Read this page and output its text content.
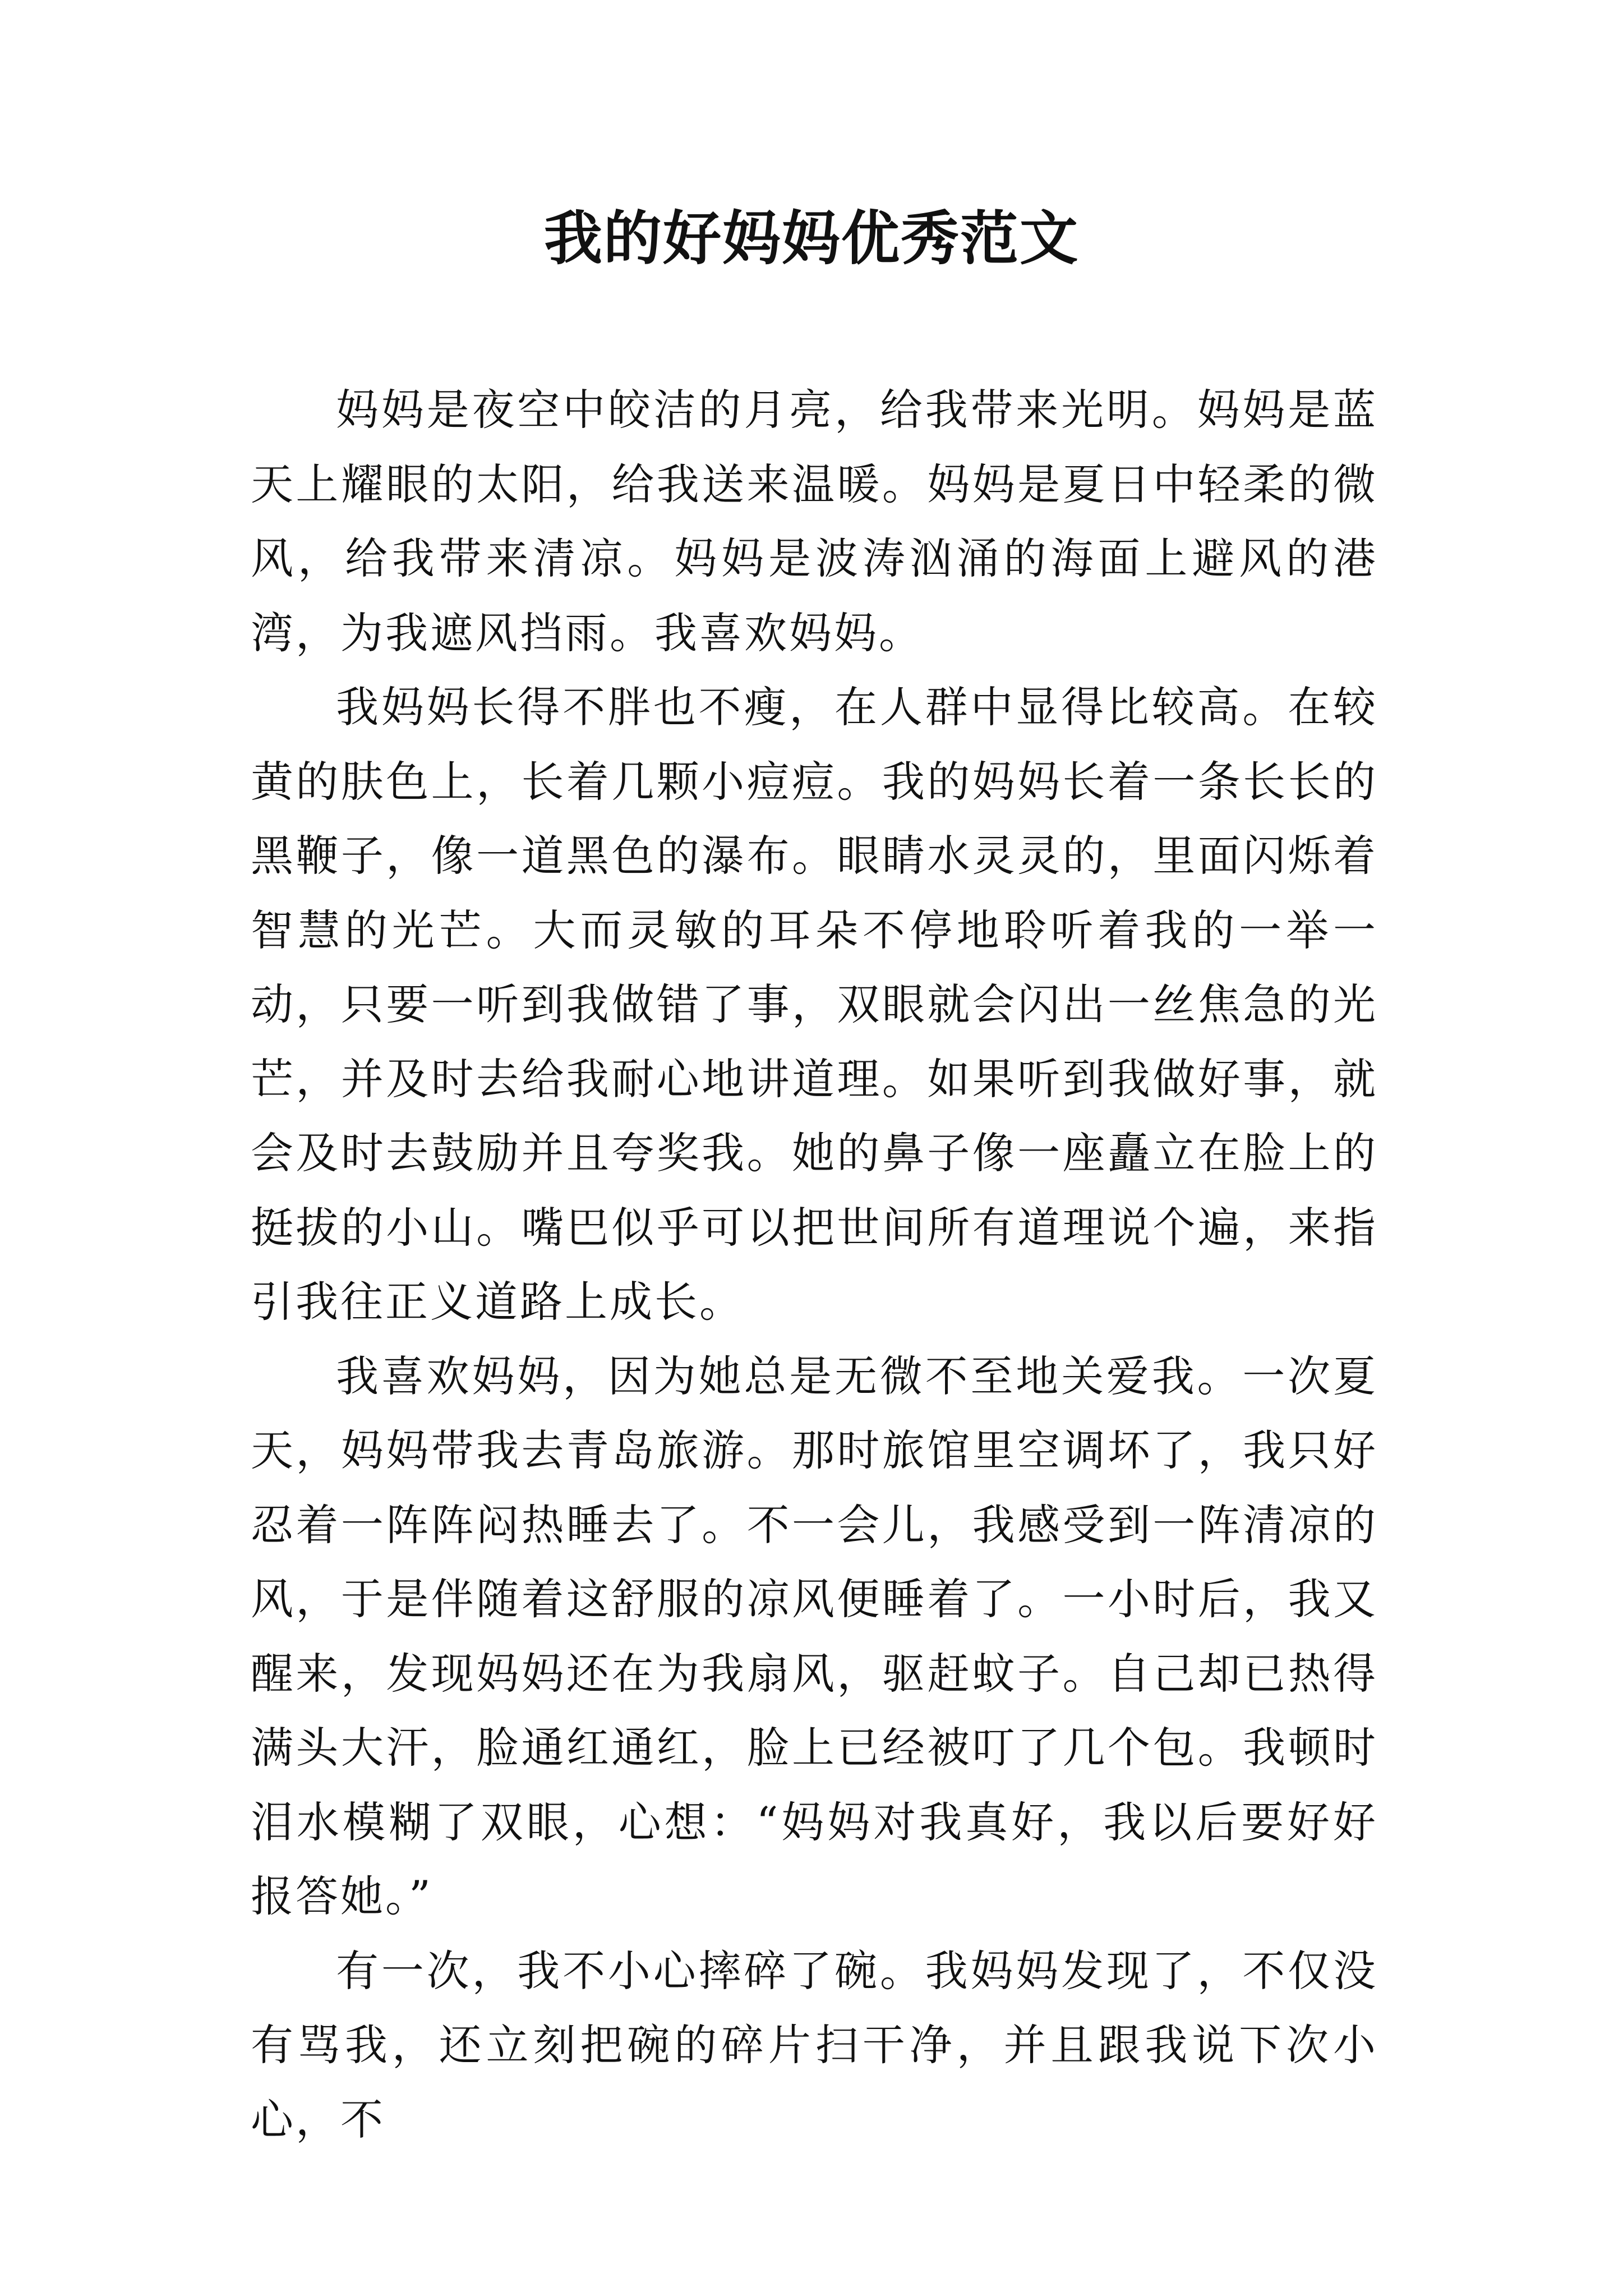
我的好妈妈优秀范文

妈妈是夜空中皎洁的月亮，给我带来光明。妈妈是蓝天上耀眼的太阳，给我送来温暖。妈妈是夏日中轻柔的微风，给我带来清凉。妈妈是波涛汹涌的海面上避风的港湾，为我遮风挡雨。我喜欢妈妈。

我妈妈长得不胖也不瘦，在人群中显得比较高。在较黄的肤色上，长着几颗小痘痘。我的妈妈长着一条长长的黑鞭子，像一道黑色的瀑布。眼睛水灵灵的，里面闪烁着智慧的光芒。大而灵敏的耳朵不停地聆听着我的一举一动，只要一听到我做错了事，双眼就会闪出一丝焦急的光芒，并及时去给我耐心地讲道理。如果听到我做好事，就会及时去鼓励并且夸奖我。她的鼻子像一座矗立在脸上的挺拔的小山。嘴巴似乎可以把世间所有道理说个遍，来指引我往正义道路上成长。

我喜欢妈妈，因为她总是无微不至地关爱我。一次夏天，妈妈带我去青岛旅游。那时旅馆里空调坏了，我只好忍着一阵阵闷热睡去了。不一会儿，我感受到一阵清凉的风，于是伴随着这舒服的凉风便睡着了。一小时后，我又醒来，发现妈妈还在为我扇风，驱赶蚊子。自己却已热得满头大汗，脸通红通红，脸上已经被叮了几个包。我顿时泪水模糊了双眼，心想：“妈妈对我真好，我以后要好好报答她。”

有一次，我不小心摔碎了碗。我妈妈发现了，不仅没有骂我，还立刻把碗的碎片扫干净，并且跟我说下次小心，不
